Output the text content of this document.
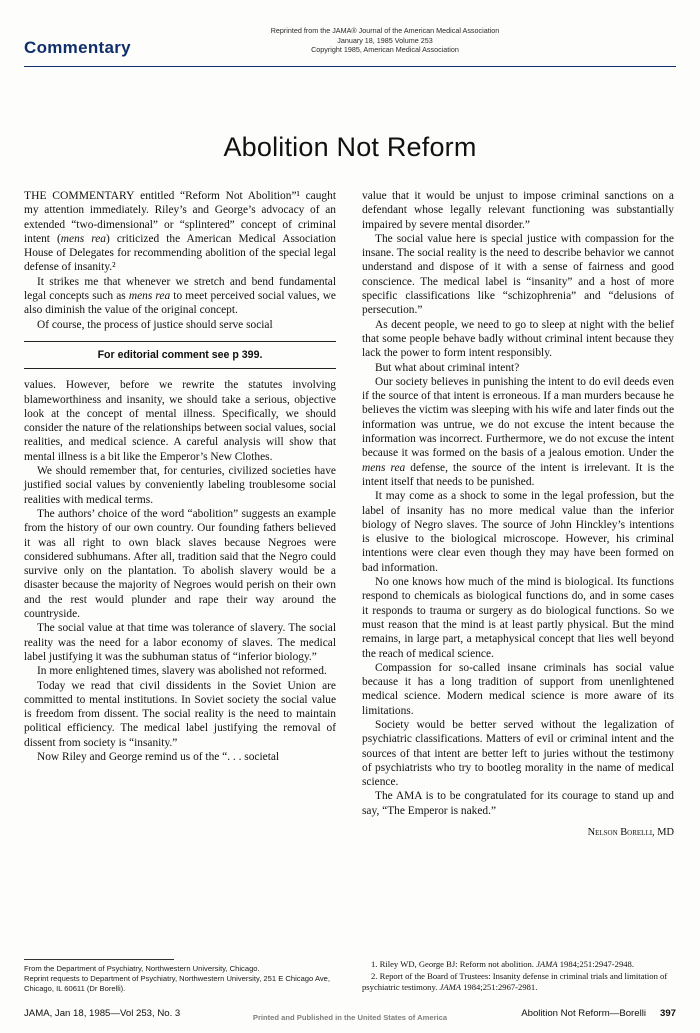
Commentary
Reprinted from the JAMA® Journal of the American Medical Association
January 18, 1985 Volume 253
Copyright 1985, American Medical Association
Abolition Not Reform

THE COMMENTARY entitled “Reform Not Abolition”¹ caught my attention immediately. Riley’s and George’s advocacy of an extended “two-dimensional” or “splintered” concept of criminal intent (mens rea) criticized the American Medical Association House of Delegates for recommending abolition of the special legal defense of insanity.²

It strikes me that whenever we stretch and bend fundamental legal concepts such as mens rea to meet perceived social values, we also diminish the value of the original concept.

Of course, the process of justice should serve social

For editorial comment see p 399.

values. However, before we rewrite the statutes involving blameworthiness and insanity, we should take a serious, objective look at the concept of mental illness. Specifically, we should consider the nature of the relationships between social values, social realities, and medical science. A careful analysis will show that mental illness is a bit like the Emperor’s New Clothes.

We should remember that, for centuries, civilized societies have justified social values by conveniently labeling troublesome social realities with medical terms.

The authors’ choice of the word “abolition” suggests an example from the history of our own country. Our founding fathers believed it was all right to own black slaves because Negroes were considered subhumans. After all, tradition said that the Negro could survive only on the plantation. To abolish slavery would be a disaster because the majority of Negroes would perish on their own and the rest would plunder and rape their way around the countryside.

The social value at that time was tolerance of slavery. The social reality was the need for a labor economy of slaves. The medical label justifying it was the subhuman status of “inferior biology.”

In more enlightened times, slavery was abolished not reformed.

Today we read that civil dissidents in the Soviet Union are committed to mental institutions. In Soviet society the social value is freedom from dissent. The social reality is the need to maintain political efficiency. The medical label justifying the removal of dissent from society is “insanity.”

Now Riley and George remind us of the “. . . societal

value that it would be unjust to impose criminal sanctions on a defendant whose legally relevant functioning was substantially impaired by severe mental disorder.”

The social value here is special justice with compassion for the insane. The social reality is the need to describe behavior we cannot understand and dispose of it with a sense of fairness and good conscience. The medical label is “insanity” and a host of more specific classifications like “schizophrenia” and “delusions of persecution.”

As decent people, we need to go to sleep at night with the belief that some people behave badly without criminal intent because they lack the power to form intent responsibly.

But what about criminal intent?

Our society believes in punishing the intent to do evil deeds even if the source of that intent is erroneous. If a man murders because he believes the victim was sleeping with his wife and later finds out the information was untrue, we do not excuse the intent because the information was incorrect. Furthermore, we do not excuse the intent because it was formed on the basis of a jealous emotion. Under the mens rea defense, the source of the intent is irrelevant. It is the intent itself that needs to be punished.

It may come as a shock to some in the legal profession, but the label of insanity has no more medical value than the inferior biology of Negro slaves. The source of John Hinckley’s intentions is elusive to the biological microscope. However, his criminal intentions were clear even though they may have been formed on bad information.

No one knows how much of the mind is biological. Its functions respond to chemicals as biological functions do, and in some cases it responds to trauma or surgery as do biological functions. So we must reason that the mind is at least partly physical. But the mind remains, in large part, a metaphysical concept that lies well beyond the reach of medical science.

Compassion for so-called insane criminals has social value because it has a long tradition of support from unenlightened medical science. Modern medical science is more aware of its limitations.

Society would be better served without the legalization of psychiatric classifications. Matters of evil or criminal intent and the sources of that intent are better left to juries without the testimony of psychiatrists who try to bootleg morality in the name of medical science.

The AMA is to be congratulated for its courage to stand up and say, “The Emperor is naked.”

Nelson Borelli, MD
From the Department of Psychiatry, Northwestern University, Chicago.
Reprint requests to Department of Psychiatry, Northwestern University, 251 E Chicago Ave, Chicago, IL 60611 (Dr Borelli).

1. Riley WD, George BJ: Reform not abolition. JAMA 1984;251:2947-2948.

2. Report of the Board of Trustees: Insanity defense in criminal trials and limitation of psychiatric testimony. JAMA 1984;251:2967-2981.

JAMA, Jan 18, 1985—Vol 253, No. 3	Abolition Not Reform—Borelli 397
Printed and Published in the United States of America
